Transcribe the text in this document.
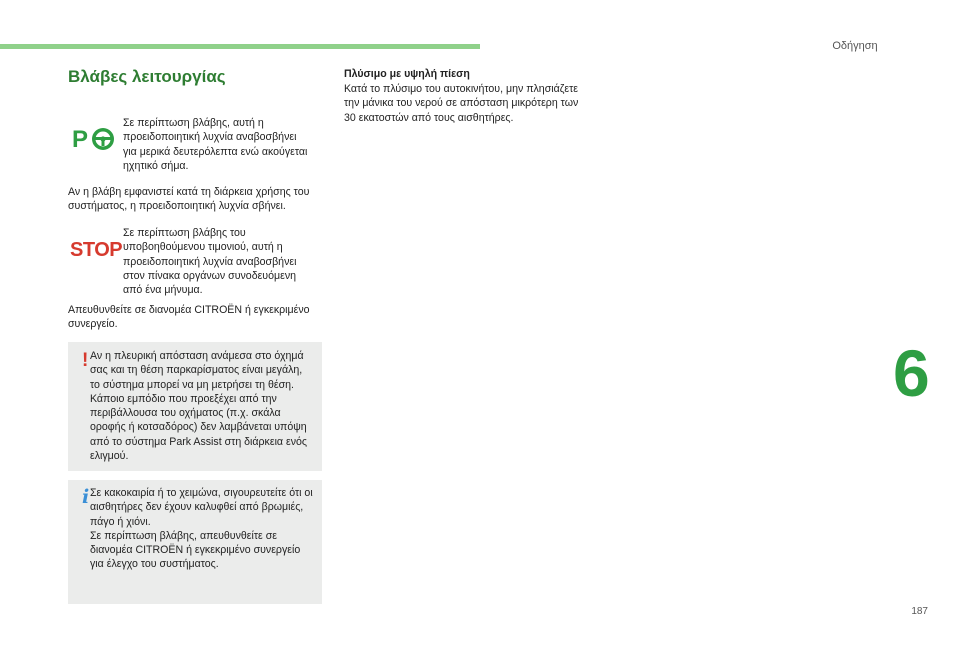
Οδήγηση
6
187
Βλάβες λειτουργίας
P
Σε περίπτωση βλάβης, αυτή η
προειδοποιητική λυχνία αναβοσβήνει
για μερικά δευτερόλεπτα ενώ ακούγεται
ηχητικό σήμα.
Αν η βλάβη εμφανιστεί κατά τη διάρκεια χρήσης του
συστήματος, η προειδοποιητική λυχνία σβήνει.
STOP
Σε περίπτωση βλάβης του
υποβοηθούμενου τιμονιού, αυτή η
προειδοποιητική λυχνία αναβοσβήνει
στον πίνακα οργάνων συνοδευόμενη
από ένα μήνυμα.
Απευθυνθείτε σε διανομέα CITROËN ή εγκεκριμένο
συνεργείο.
! Αν η πλευρική απόσταση ανάμεσα στο όχημά
σας και τη θέση παρκαρίσματος είναι μεγάλη,
το σύστημα μπορεί να μη μετρήσει τη θέση.
Κάποιο εμπόδιο που προεξέχει από την
περιβάλλουσα του οχήματος (π.χ. σκάλα
οροφής ή κοτσαδόρος) δεν λαμβάνεται υπόψη
από το σύστημα Park Assist στη διάρκεια ενός
ελιγμού.
i Σε κακοκαιρία ή το χειμώνα, σιγουρευτείτε ότι οι
αισθητήρες δεν έχουν καλυφθεί από βρωμιές,
πάγο ή χιόνι.
Σε περίπτωση βλάβης, απευθυνθείτε σε
διανομέα CITROËN ή εγκεκριμένο συνεργείο
για έλεγχο του συστήματος.
Πλύσιμο με υψηλή πίεση
Κατά το πλύσιμο του αυτοκινήτου, μην πλησιάζετε
την μάνικα του νερού σε απόσταση μικρότερη των
30 εκατοστών από τους αισθητήρες.
